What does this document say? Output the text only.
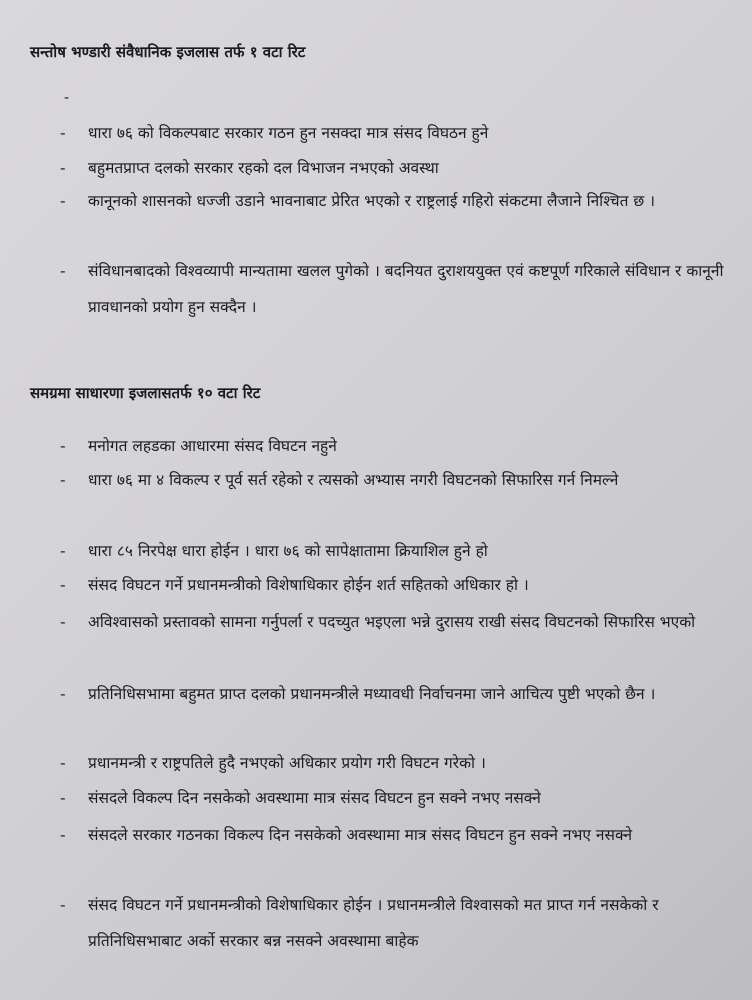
सन्तोष भण्डारी संवैधानिक इजलास तर्फ १ वटा रिट
-
-	धारा ७६ को विकल्पबाट सरकार गठन हुन नसक्दा मात्र संसद विघठन हुने
-	बहुमतप्राप्त दलको सरकार रहको दल विभाजन नभएको अवस्था
-	कानूनको शासनको धज्जी उडाने भावनाबाट प्रेरित भएको र राष्ट्रलाई गहिरो संकटमा लैजाने निश्चित छ ।
-	संविधानबादको विश्वव्यापी मान्यतामा खलल पुगेको । बदनियत दुराशययुक्त एवं कष्टपूर्ण गरिकाले संविधान र कानूनी प्रावधानको प्रयोग हुन सक्दैन ।
समग्रमा साधारणा इजलासतर्फ १० वटा रिट
-	मनोगत लहडका आधारमा संसद विघटन नहुने
-	धारा ७६ मा ४ विकल्प र पूर्व सर्त रहेको र त्यसको अभ्यास नगरी विघटनको सिफारिस गर्न निमल्ने
-	धारा ८५ निरपेक्ष धारा होईन । धारा ७६ को सापेक्षातामा क्रियाशिल हुने हो
-	संसद विघटन गर्ने प्रधानमन्त्रीको विशेषाधिकार होईन शर्त सहितको अधिकार हो ।
-	अविश्वासको प्रस्तावको सामना गर्नुपर्ला र पदच्युत भइएला भन्ने दुरासय राखी संसद विघटनको सिफारिस भएको
-	प्रतिनिधिसभामा बहुमत प्राप्त दलको प्रधानमन्त्रीले मध्यावधी निर्वाचनमा जाने आचित्य पुष्टी भएको छैन ।
-	प्रधानमन्त्री र राष्ट्रपतिले हुदै नभएको अधिकार प्रयोग गरी विघटन गरेको ।
-	संसदले विकल्प दिन नसकेको अवस्थामा मात्र संसद विघटन हुन सक्ने नभए नसक्ने
-	संसदले सरकार गठनका विकल्प दिन नसकेको अवस्थामा मात्र संसद विघटन हुन सक्ने नभए नसक्ने
-	संसद विघटन गर्ने प्रधानमन्त्रीको विशेषाधिकार होईन । प्रधानमन्त्रीले विश्वासको मत प्राप्त गर्न नसकेको र प्रतिनिधिसभाबाट अर्को सरकार बन्न नसक्ने अवस्थामा बाहेक
